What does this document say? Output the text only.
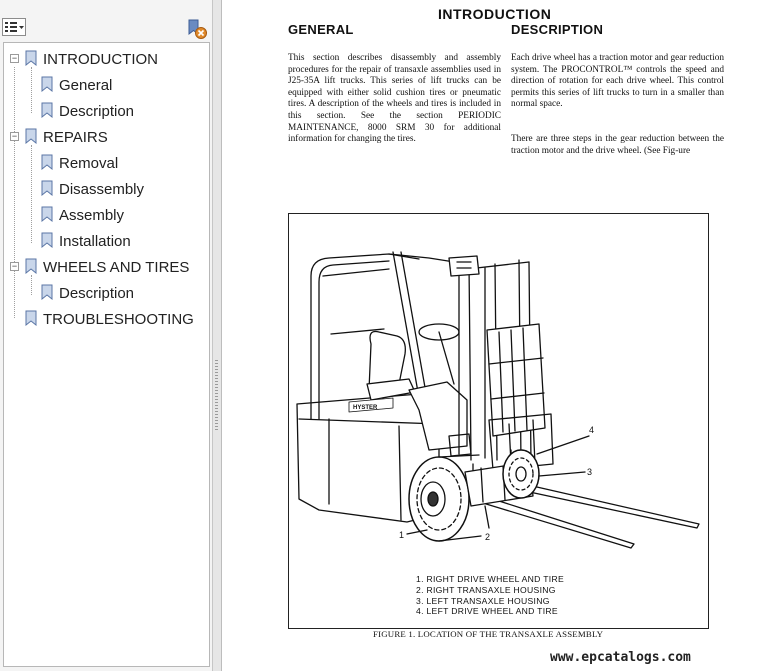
− INTRODUCTION
General
Description
− REPAIRS
Removal
Disassembly
Assembly
Installation
− WHEELS AND TIRES
Description
TROUBLESHOOTING
INTRODUCTION
GENERAL	DESCRIPTION

This section describes disassembly and assembly procedures for the repair of transaxle assemblies used in J25-35A lift trucks. This series of lift trucks can be equipped with either solid cushion tires or pneumatic tires. A description of the wheels and tires is included in this section. See the section PERIODIC MAINTENANCE, 8000 SRM 30 for additional information for changing the tires.

Each drive wheel has a traction motor and gear reduction system. The PROCONTROL™ controls the speed and direction of rotation for each drive wheel. This control permits this series of lift trucks to turn in a smaller than normal space.

There are three steps in the gear reduction between the traction motor and the drive wheel. (See Fig-ure

HYSTER
1	2
3
4
1. RIGHT DRIVE WHEEL AND TIRE
2. RIGHT TRANSAXLE HOUSING
3. LEFT TRANSAXLE HOUSING
4. LEFT DRIVE WHEEL AND TIRE
FIGURE 1. LOCATION OF THE TRANSAXLE ASSEMBLY
www.epcatalogs.com
